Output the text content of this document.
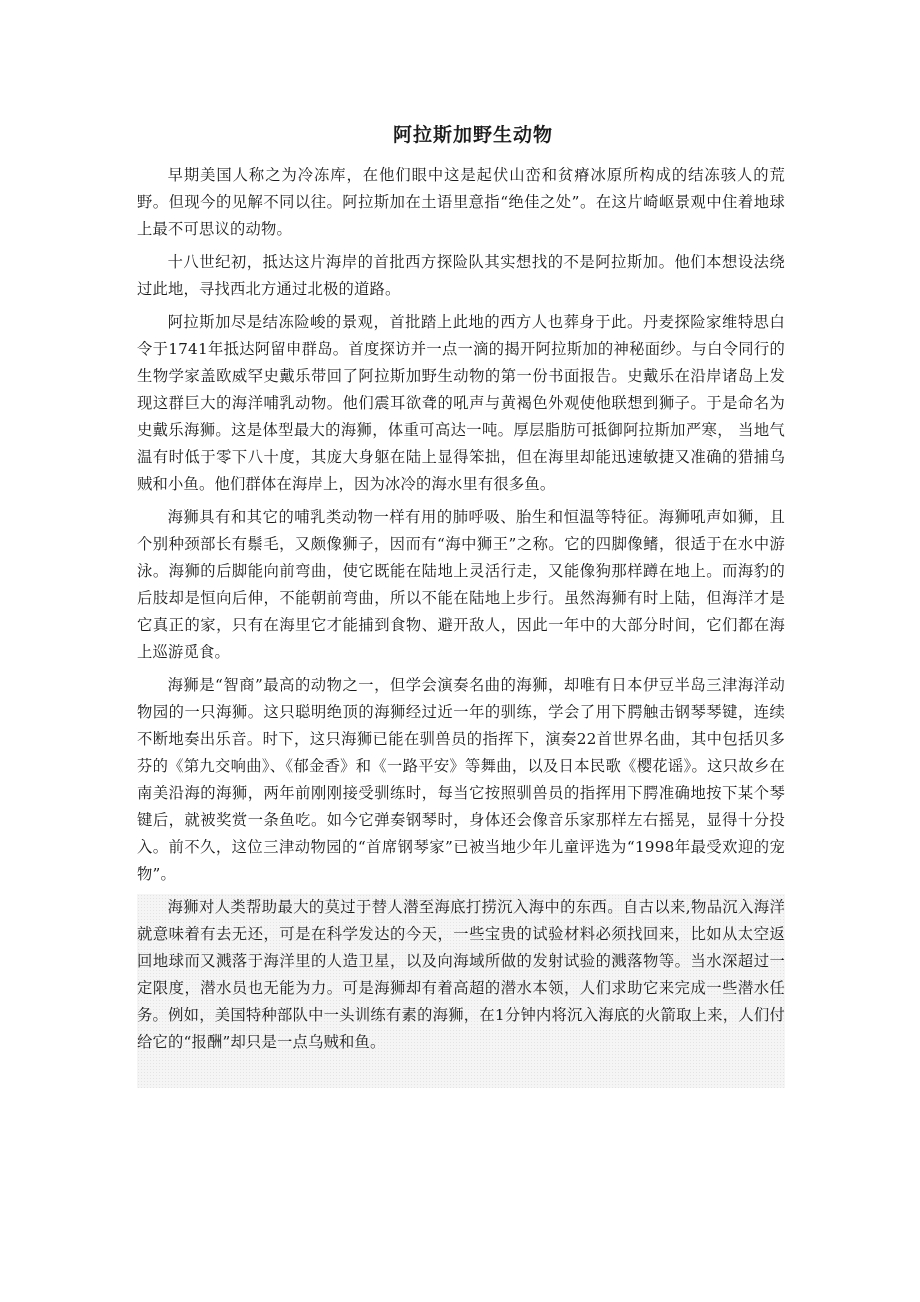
阿拉斯加野生动物

早期美国人称之为冷冻库，在他们眼中这是起伏山峦和贫瘠冰原所构成的结冻骇人的荒野。但现今的见解不同以往。阿拉斯加在土语里意指“绝佳之处”。在这片崎岖景观中住着地球上最不可思议的动物。

十八世纪初，抵达这片海岸的首批西方探险队其实想找的不是阿拉斯加。他们本想设法绕过此地，寻找西北方通过北极的道路。

阿拉斯加尽是结冻险峻的景观，首批踏上此地的西方人也葬身于此。丹麦探险家维特思白令于1741年抵达阿留申群岛。首度探访并一点一滴的揭开阿拉斯加的神秘面纱。与白令同行的生物学家盖欧威罕史戴乐带回了阿拉斯加野生动物的第一份书面报告。史戴乐在沿岸诸岛上发现这群巨大的海洋哺乳动物。他们震耳欲聋的吼声与黄褐色外观使他联想到狮子。于是命名为史戴乐海狮。这是体型最大的海狮，体重可高达一吨。厚层脂肪可抵御阿拉斯加严寒， 当地气温有时低于零下八十度，其庞大身躯在陆上显得笨拙，但在海里却能迅速敏捷又准确的猎捕乌贼和小鱼。他们群体在海岸上，因为冰冷的海水里有很多鱼。

海狮具有和其它的哺乳类动物一样有用的肺呼吸、胎生和恒温等特征。海狮吼声如狮，且个别种颈部长有鬃毛，又颇像狮子，因而有“海中狮王”之称。它的四脚像鳍，很适于在水中游泳。海狮的后脚能向前弯曲，使它既能在陆地上灵活行走，又能像狗那样蹲在地上。而海豹的后肢却是恒向后伸，不能朝前弯曲，所以不能在陆地上步行。虽然海狮有时上陆，但海洋才是它真正的家，只有在海里它才能捕到食物、避开敌人，因此一年中的大部分时间，它们都在海上巡游觅食。

海狮是“智商”最高的动物之一，但学会演奏名曲的海狮，却唯有日本伊豆半岛三津海洋动物园的一只海狮。这只聪明绝顶的海狮经过近一年的驯练，学会了用下腭触击钢琴琴键，连续不断地奏出乐音。时下，这只海狮已能在驯兽员的指挥下，演奏22首世界名曲，其中包括贝多芬的《第九交响曲》、《郁金香》和《一路平安》等舞曲，以及日本民歌《樱花谣》。这只故乡在南美沿海的海狮，两年前刚刚接受驯练时，每当它按照驯兽员的指挥用下腭准确地按下某个琴键后，就被奖赏一条鱼吃。如今它弹奏钢琴时，身体还会像音乐家那样左右摇晃，显得十分投入。前不久，这位三津动物园的“首席钢琴家”已被当地少年儿童评选为“1998年最受欢迎的宠物”。

海狮对人类帮助最大的莫过于替人潜至海底打捞沉入海中的东西。自古以来,物品沉入海洋就意味着有去无还，可是在科学发达的今天，一些宝贵的试验材料必须找回来，比如从太空返回地球而又溅落于海洋里的人造卫星，以及向海域所做的发射试验的溅落物等。当水深超过一定限度，潜水员也无能为力。可是海狮却有着高超的潜水本领，人们求助它来完成一些潜水任务。例如，美国特种部队中一头训练有素的海狮，在1分钟内将沉入海底的火箭取上来，人们付给它的“报酬”却只是一点乌贼和鱼。
